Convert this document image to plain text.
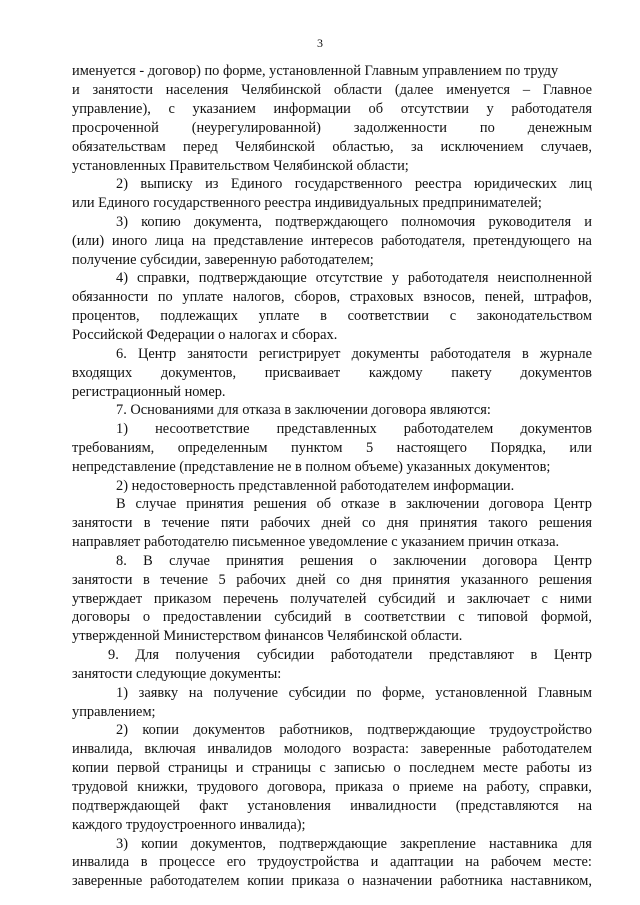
3
именуется - договор) по форме, установленной Главным управлением по труду
и занятости населения Челябинской области (далее именуется – Главное
управление), с указанием информации об отсутствии у работодателя
просроченной (неурегулированной) задолженности по денежным
обязательствам перед Челябинской областью, за исключением случаев,
установленных Правительством Челябинской области;
2) выписку из Единого государственного реестра юридических лиц
или Единого государственного реестра индивидуальных предпринимателей;
3) копию документа, подтверждающего полномочия руководителя и
(или) иного лица на представление интересов работодателя, претендующего на
получение субсидии, заверенную работодателем;
4) справки, подтверждающие отсутствие у работодателя неисполненной
обязанности по уплате налогов, сборов, страховых взносов, пеней, штрафов,
процентов, подлежащих уплате в соответствии с законодательством
Российской Федерации о налогах и сборах.
6. Центр занятости регистрирует документы работодателя в журнале
входящих документов, присваивает каждому пакету документов
регистрационный номер.
7. Основаниями для отказа в заключении договора являются:
1) несоответствие представленных работодателем документов
требованиям, определенным пунктом 5 настоящего Порядка, или
непредставление (представление не в полном объеме) указанных документов;
2) недостоверность представленной работодателем информации.
В случае принятия решения об отказе в заключении договора Центр
занятости в течение пяти рабочих дней со дня принятия такого решения
направляет работодателю письменное уведомление с указанием причин отказа.
8. В случае принятия решения о заключении договора Центр
занятости в течение 5 рабочих дней со дня принятия указанного решения
утверждает приказом перечень получателей субсидий и заключает с ними
договоры о предоставлении субсидий в соответствии с типовой формой,
утвержденной Министерством финансов Челябинской области.
9. Для получения субсидии работодатели представляют в Центр
занятости следующие документы:
1) заявку на получение субсидии по форме, установленной Главным
управлением;
2) копии документов работников, подтверждающие трудоустройство
инвалида, включая инвалидов молодого возраста: заверенные работодателем
копии первой страницы и страницы с записью о последнем месте работы из
трудовой книжки, трудового договора, приказа о приеме на работу, справки,
подтверждающей факт установления инвалидности (представляются на
каждого трудоустроенного инвалида);
3) копии документов, подтверждающие закрепление наставника для
инвалида в процессе его трудоустройства и адаптации на рабочем месте:
заверенные работодателем копии приказа о назначении работника наставником,
